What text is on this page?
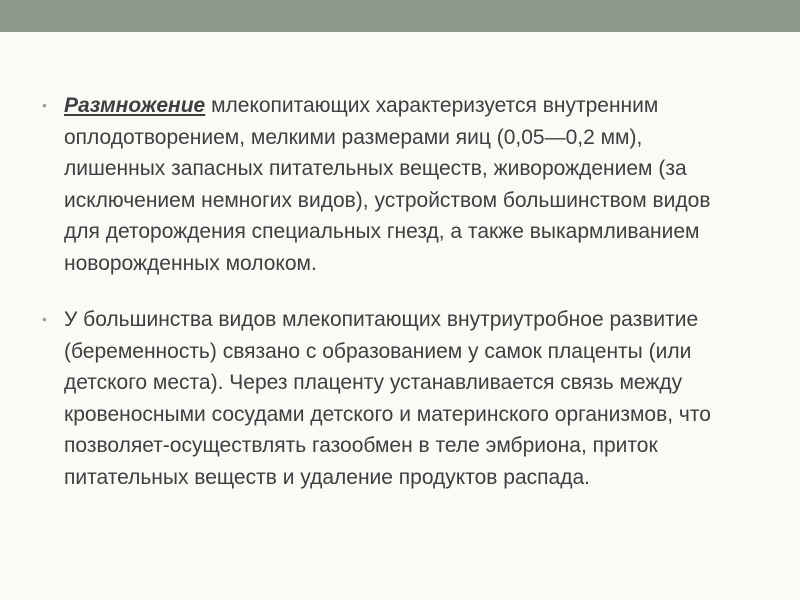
• Размножение млекопитающих характеризуется внутренним оплодотворением, мелкими размерами яиц (0,05—0,2 мм), лишенных запасных питательных веществ, живорождением (за исключением немногих видов), устройством большинством видов для деторождения специальных гнезд, а также выкармливанием новорожденных молоком.

• У большинства видов млекопитающих внутриутробное развитие (беременность) связано с образованием у самок плаценты (или детского места). Через плаценту устанавливается связь между кровеносными сосудами детского и материнского организмов, что позволяет-осуществлять газообмен в теле эмбриона, приток питательных веществ и удаление продуктов распада.
